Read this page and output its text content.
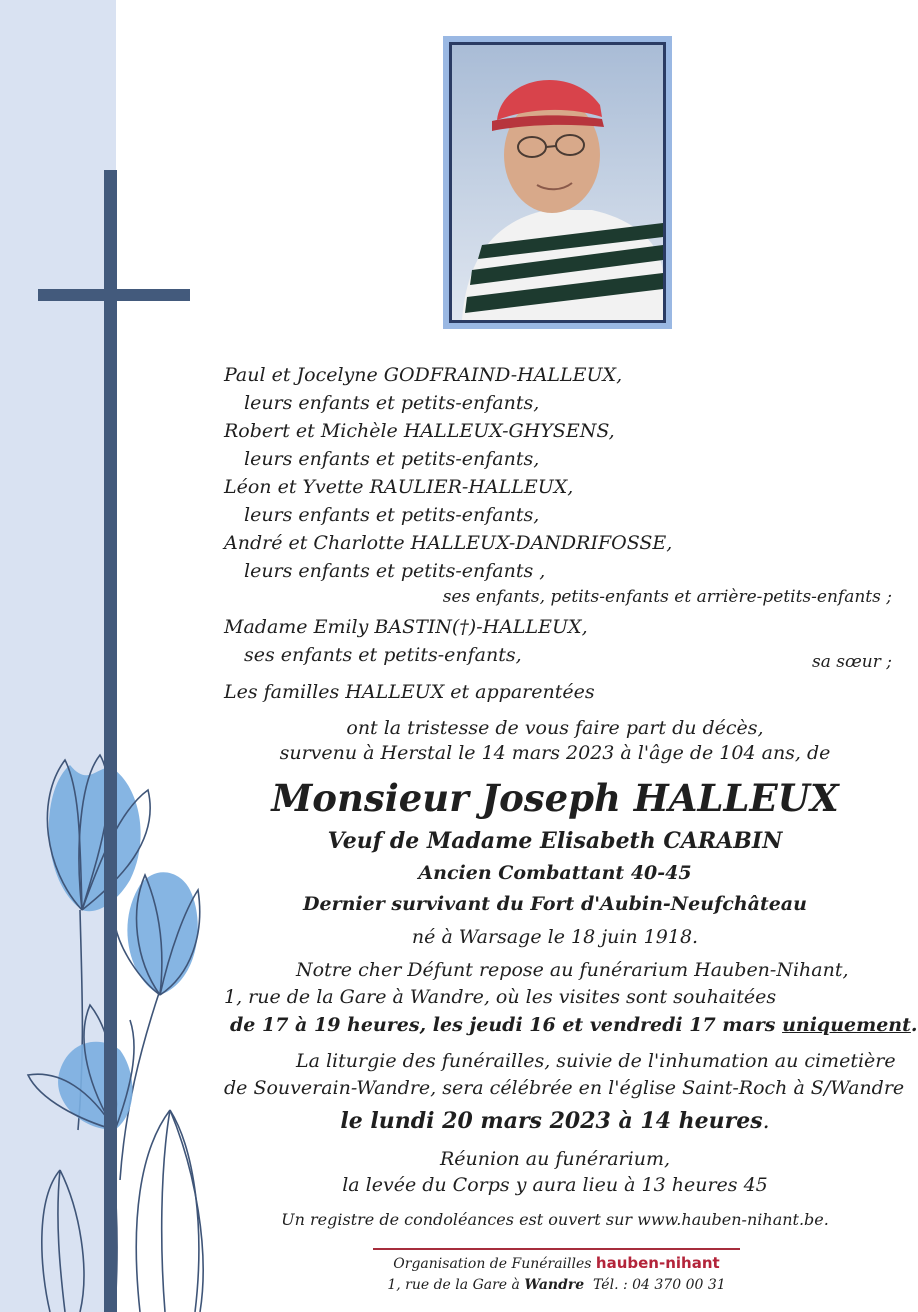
Paul et Jocelyne GODFRAIND-HALLEUX,
leurs enfants et petits-enfants,
Robert et Michèle HALLEUX-GHYSENS,
leurs enfants et petits-enfants,
Léon et Yvette RAULIER-HALLEUX,
leurs enfants et petits-enfants,
André et Charlotte HALLEUX-DANDRIFOSSE,
leurs enfants et petits-enfants ,
ses enfants, petits-enfants et arrière-petits-enfants ;
Madame Emily BASTIN(†)-HALLEUX,
ses enfants et petits-enfants,	sa sœur ;
Les familles HALLEUX et apparentées
ont la tristesse de vous faire part du décès,
survenu à Herstal le 14 mars 2023 à l'âge de 104 ans, de
Monsieur Joseph HALLEUX
Veuf de Madame Elisabeth CARABIN
Ancien Combattant 40-45
Dernier survivant du Fort d'Aubin-Neufchâteau
né à Warsage le 18 juin 1918.
Notre cher Défunt repose au funérarium Hauben-Nihant,
1, rue de la Gare à Wandre, où les visites sont souhaitées
de 17 à 19 heures, les jeudi 16 et vendredi 17 mars uniquement.
La liturgie des funérailles, suivie de l'inhumation au cimetière
de Souverain-Wandre, sera célébrée en l'église Saint-Roch à S/Wandre
le lundi 20 mars 2023 à 14 heures.
Réunion au funérarium,
la levée du Corps y aura lieu à 13 heures 45
Un registre de condoléances est ouvert sur www.hauben-nihant.be.
Organisation de Funérailles hauben-nihant
1, rue de la Gare à Wandre  Tél. : 04 370 00 31
